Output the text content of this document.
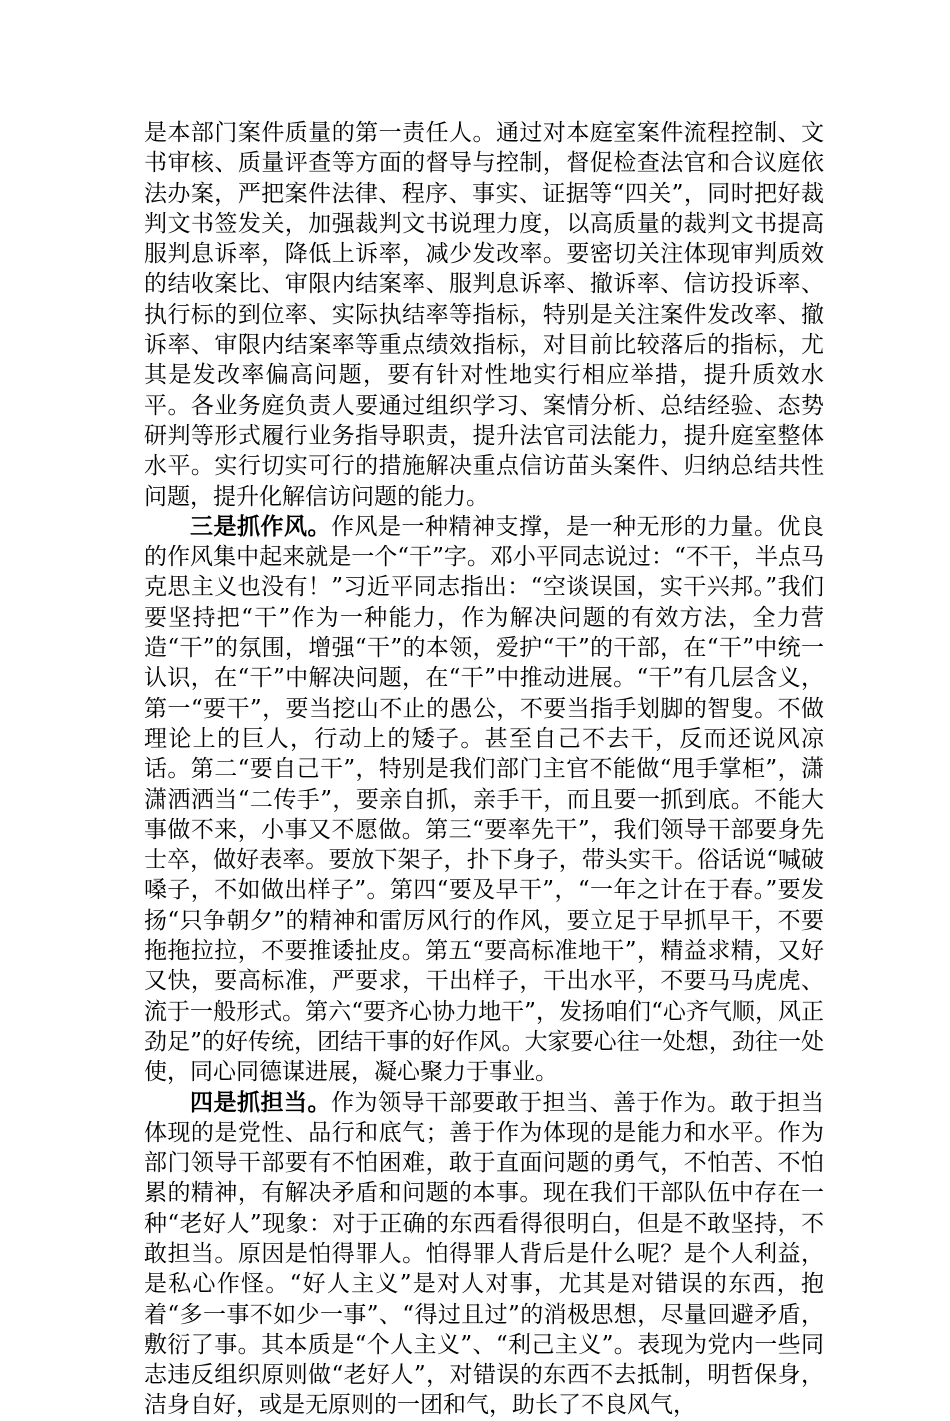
是本部门案件质量的第一责任人。通过对本庭室案件流程控制、文书审核、质量评查等方面的督导与控制，督促检查法官和合议庭依法办案，严把案件法律、程序、事实、证据等“四关”，同时把好裁判文书签发关，加强裁判文书说理力度，以高质量的裁判文书提高服判息诉率，降低上诉率，减少发改率。要密切关注体现审判质效的结收案比、审限内结案率、服判息诉率、撤诉率、信访投诉率、执行标的到位率、实际执结率等指标，特别是关注案件发改率、撤诉率、审限内结案率等重点绩效指标，对目前比较落后的指标，尤其是发改率偏高问题，要有针对性地实行相应举措，提升质效水平。各业务庭负责人要通过组织学习、案情分析、总结经验、态势研判等形式履行业务指导职责，提升法官司法能力，提升庭室整体水平。实行切实可行的措施解决重点信访苗头案件、归纳总结共性问题，提升化解信访问题的能力。

三是抓作风。作风是一种精神支撑，是一种无形的力量。优良的作风集中起来就是一个“干”字。邓小平同志说过：“不干，半点马克思主义也没有！”习近平同志指出：“空谈误国，实干兴邦。”我们要坚持把“干”作为一种能力，作为解决问题的有效方法，全力营造“干”的氛围，增强“干”的本领，爱护“干”的干部，在“干”中统一认识，在“干”中解决问题，在“干”中推动进展。“干”有几层含义，第一“要干”，要当挖山不止的愚公，不要当指手划脚的智叟。不做理论上的巨人，行动上的矮子。甚至自己不去干，反而还说风凉话。第二“要自己干”，特别是我们部门主官不能做“甩手掌柜”，潇潇洒洒当“二传手”，要亲自抓，亲手干，而且要一抓到底。不能大事做不来，小事又不愿做。第三“要率先干”，我们领导干部要身先士卒，做好表率。要放下架子，扑下身子，带头实干。俗话说“喊破嗓子，不如做出样子”。第四“要及早干”，“一年之计在于春。”要发扬“只争朝夕”的精神和雷厉风行的作风，要立足于早抓早干，不要拖拖拉拉，不要推诿扯皮。第五“要高标准地干”，精益求精，又好又快，要高标准，严要求，干出样子，干出水平，不要马马虎虎、流于一般形式。第六“要齐心协力地干”，发扬咱们“心齐气顺，风正劲足”的好传统，团结干事的好作风。大家要心往一处想，劲往一处使，同心同德谋进展，凝心聚力于事业。

四是抓担当。作为领导干部要敢于担当、善于作为。敢于担当体现的是党性、品行和底气；善于作为体现的是能力和水平。作为部门领导干部要有不怕困难，敢于直面问题的勇气，不怕苦、不怕累的精神，有解决矛盾和问题的本事。现在我们干部队伍中存在一种“老好人”现象：对于正确的东西看得很明白，但是不敢坚持，不敢担当。原因是怕得罪人。怕得罪人背后是什么呢？是个人利益，是私心作怪。“好人主义”是对人对事，尤其是对错误的东西，抱着“多一事不如少一事”、“得过且过”的消极思想，尽量回避矛盾，敷衍了事。其本质是“个人主义”、“利己主义”。表现为党内一些同志违反组织原则做“老好人”，对错误的东西不去抵制，明哲保身，洁身自好，或是无原则的一团和气，助长了不良风气，
